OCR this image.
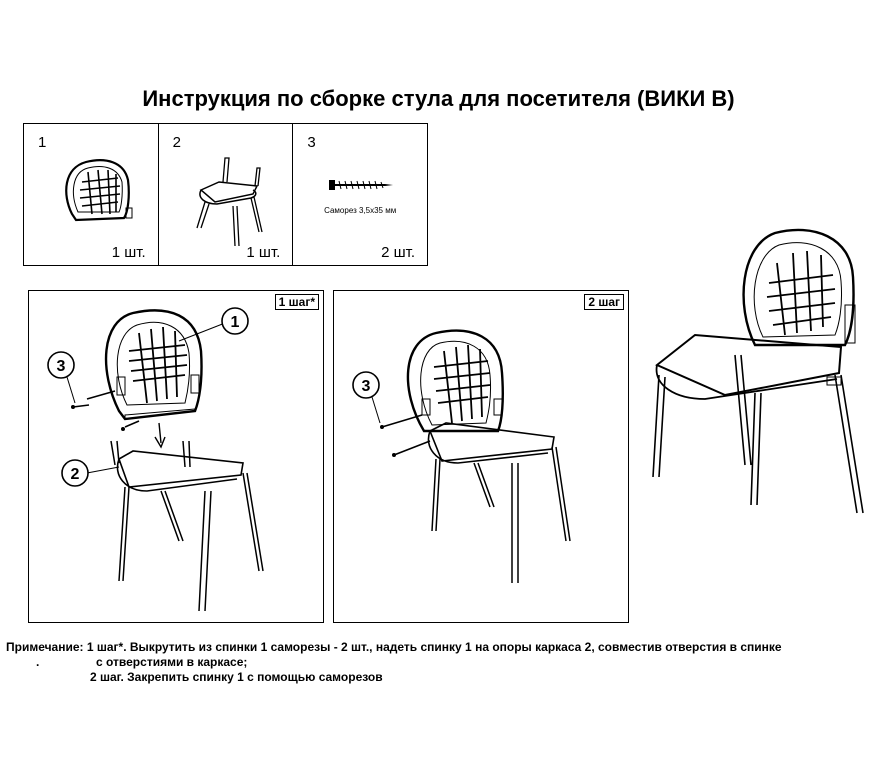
Инструкция по сборке стула для посетителя (ВИКИ В)
1
1 шт.
2
1 шт.
3
Саморез 3,5х35 мм
2 шт.
1 шаг*
1
3
2
2 шаг
3
Примечание: 1 шаг*. Выкрутить из спинки 1 саморезы - 2 шт., надеть спинку 1 на опоры каркаса 2, совместив отверстия в спинке
.	с отверстиями в каркасе;
2 шаг. Закрепить спинку 1 с помощью саморезов
